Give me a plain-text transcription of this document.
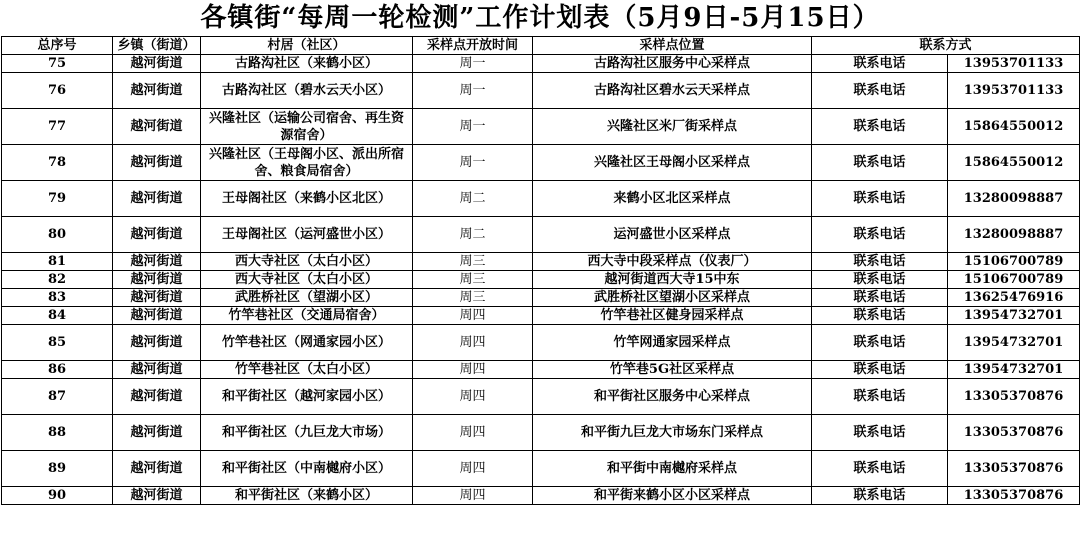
各镇街“每周一轮检测”工作计划表（5月9日-5月15日）
总序号	乡镇（街道）	村居（社区）	采样点开放时间	采样点位置	联系方式	
75	越河街道	古路沟社区（来鹤小区）	周一	古路沟社区服务中心采样点	联系电话	13953701133
76	越河街道	古路沟社区（碧水云天小区）	周一	古路沟社区碧水云天采样点	联系电话	13953701133
77	越河街道	兴隆社区（运输公司宿舍、再生资源宿舍）	周一	兴隆社区米厂街采样点	联系电话	15864550012
78	越河街道	兴隆社区（王母阁小区、派出所宿舍、粮食局宿舍）	周一	兴隆社区王母阁小区采样点	联系电话	15864550012
79	越河街道	王母阁社区（来鹤小区北区）	周二	来鹤小区北区采样点	联系电话	13280098887
80	越河街道	王母阁社区（运河盛世小区）	周二	运河盛世小区采样点	联系电话	13280098887
81	越河街道	西大寺社区（太白小区）	周三	西大寺中段采样点（仪表厂）	联系电话	15106700789
82	越河街道	西大寺社区（太白小区）	周三	越河街道西大寺15中东	联系电话	15106700789
83	越河街道	武胜桥社区（望湖小区）	周三	武胜桥社区望湖小区采样点	联系电话	13625476916
84	越河街道	竹竿巷社区（交通局宿舍）	周四	竹竿巷社区健身园采样点	联系电话	13954732701
85	越河街道	竹竿巷社区（网通家园小区）	周四	竹竿网通家园采样点	联系电话	13954732701
86	越河街道	竹竿巷社区（太白小区）	周四	竹竿巷5G社区采样点	联系电话	13954732701
87	越河街道	和平街社区（越河家园小区）	周四	和平街社区服务中心采样点	联系电话	13305370876
88	越河街道	和平街社区（九巨龙大市场）	周四	和平街九巨龙大市场东门采样点	联系电话	13305370876
89	越河街道	和平街社区（中南樾府小区）	周四	和平街中南樾府采样点	联系电话	13305370876
90	越河街道	和平街社区（来鹤小区）	周四	和平街来鹤小区小区采样点	联系电话	13305370876
